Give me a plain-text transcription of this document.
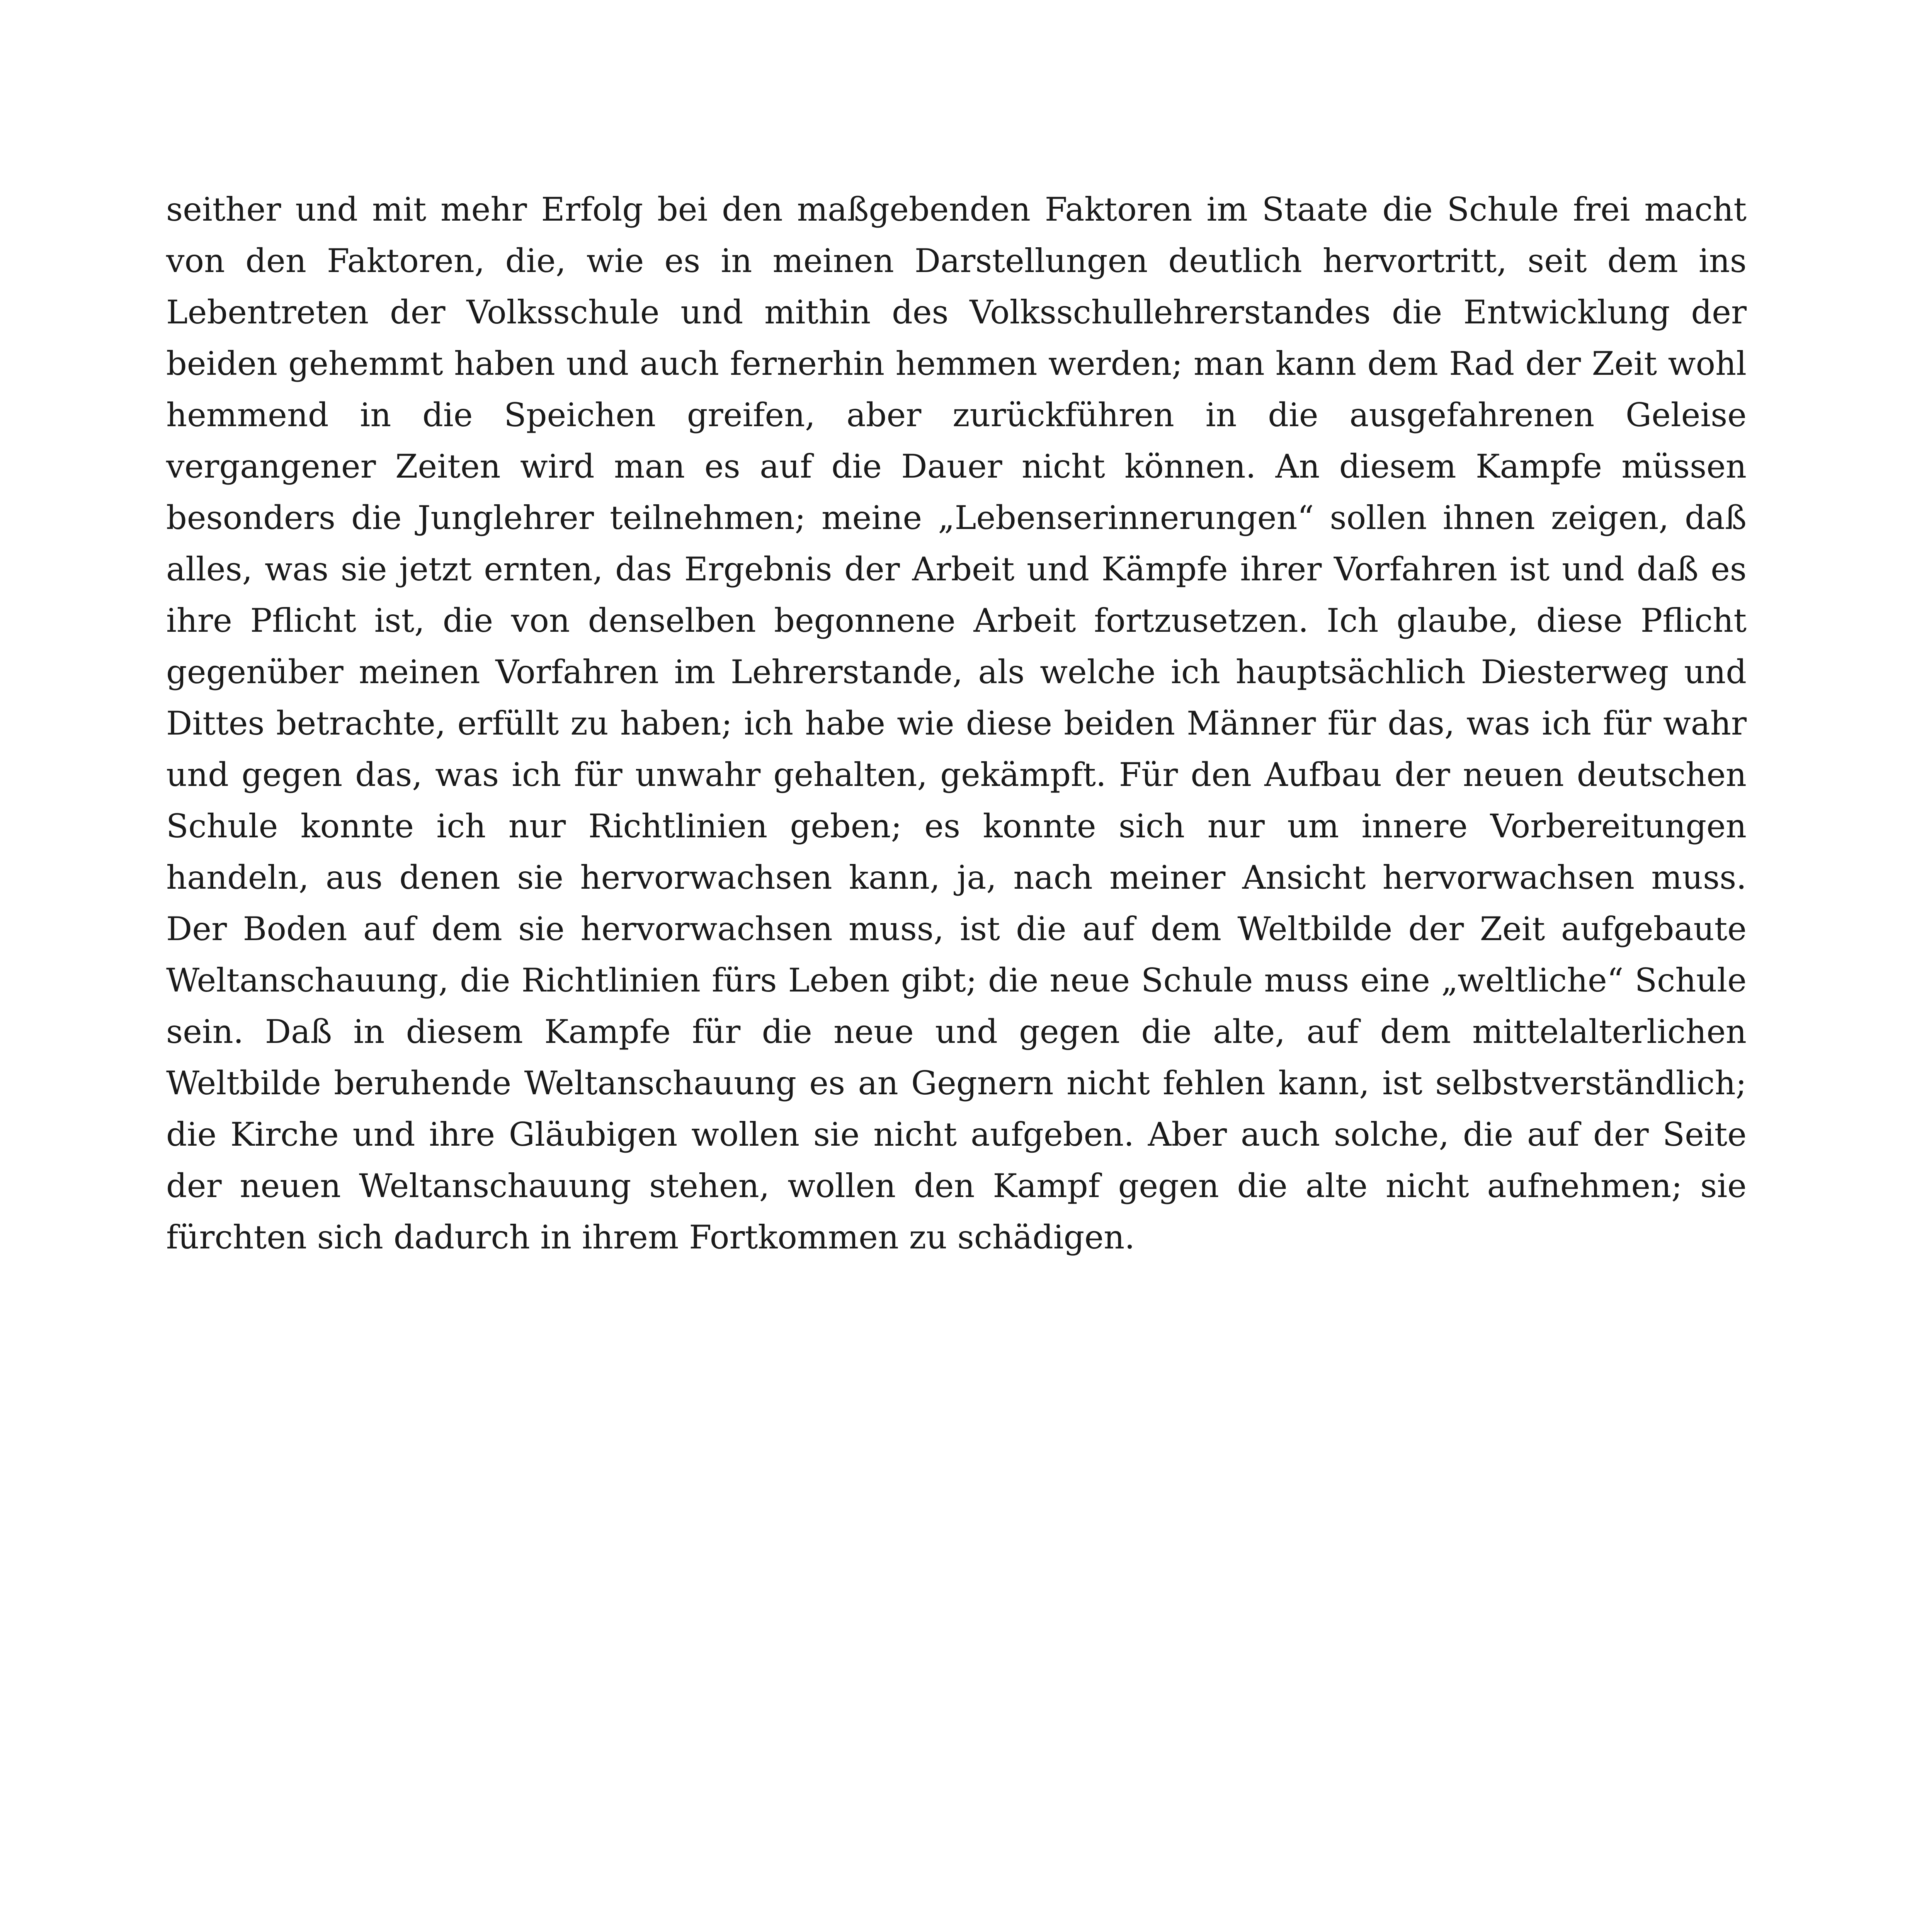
seither und mit mehr Erfolg bei den maßgebenden Faktoren im Staate die Schule frei macht von den Faktoren, die, wie es in meinen Darstellungen deutlich hervortritt, seit dem ins Lebentreten der Volksschule und mithin des Volksschullehrerstandes die Entwicklung der beiden gehemmt haben und auch fernerhin hemmen werden; man kann dem Rad der Zeit wohl hemmend in die Speichen greifen, aber zurückführen in die ausgefahrenen Geleise vergangener Zeiten wird man es auf die Dauer nicht können. An diesem Kampfe müssen besonders die Junglehrer teilnehmen; meine „Lebenserinnerungen“ sollen ihnen zeigen, daß alles, was sie jetzt ernten, das Ergebnis der Arbeit und Kämpfe ihrer Vorfahren ist und daß es ihre Pflicht ist, die von denselben begonnene Arbeit fortzusetzen. Ich glaube, diese Pflicht gegenüber meinen Vorfahren im Lehrerstande, als welche ich hauptsächlich Diesterweg und Dittes betrachte, erfüllt zu haben; ich habe wie diese beiden Männer für das, was ich für wahr und gegen das, was ich für unwahr gehalten, gekämpft. Für den Aufbau der neuen deutschen Schule konnte ich nur Richtlinien geben; es konnte sich nur um innere Vorbereitungen handeln, aus denen sie hervorwachsen kann, ja, nach meiner Ansicht hervorwachsen muss. Der Boden auf dem sie hervorwachsen muss, ist die auf dem Weltbilde der Zeit aufgebaute Weltanschauung, die Richtlinien fürs Leben gibt; die neue Schule muss eine „weltliche“ Schule sein. Daß in diesem Kampfe für die neue und gegen die alte, auf dem mittelalterlichen Weltbilde beruhende Weltanschauung es an Gegnern nicht fehlen kann, ist selbstverständlich; die Kirche und ihre Gläubigen wollen sie nicht aufgeben. Aber auch solche, die auf der Seite der neuen Weltanschauung stehen, wollen den Kampf gegen die alte nicht aufnehmen; sie fürchten sich dadurch in ihrem Fortkommen zu schädigen.
